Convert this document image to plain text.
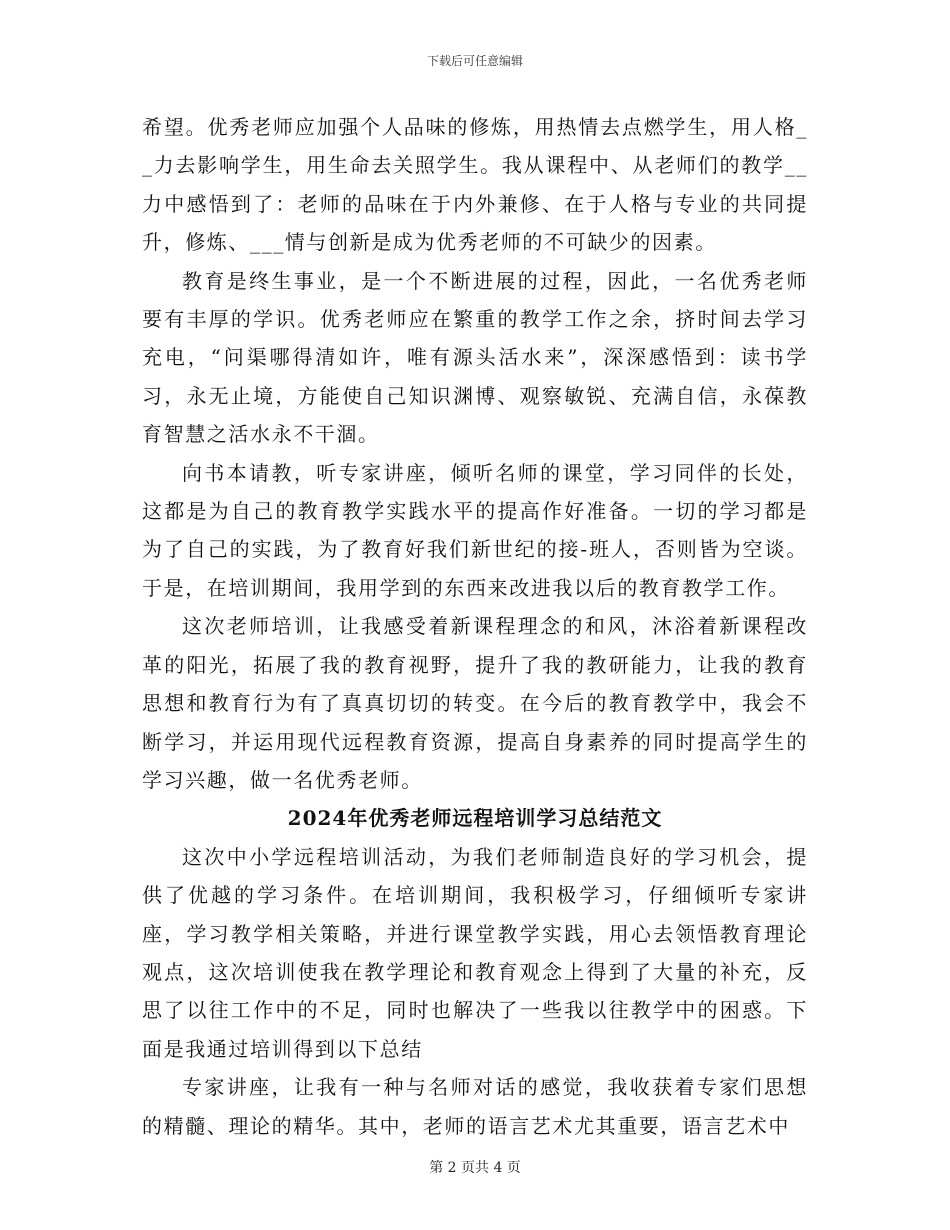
下载后可任意编辑

希望。优秀老师应加强个人品味的修炼，用热情去点燃学生，用人格__力去影响学生，用生命去关照学生。我从课程中、从老师们的教学__力中感悟到了：老师的品味在于内外兼修、在于人格与专业的共同提升，修炼、___情与创新是成为优秀老师的不可缺少的因素。

教育是终生事业，是一个不断进展的过程，因此，一名优秀老师要有丰厚的学识。优秀老师应在繁重的教学工作之余，挤时间去学习充电，“问渠哪得清如许，唯有源头活水来”，深深感悟到：读书学习，永无止境，方能使自己知识渊博、观察敏锐、充满自信，永葆教育智慧之活水永不干涸。

向书本请教，听专家讲座，倾听名师的课堂，学习同伴的长处，这都是为自己的教育教学实践水平的提高作好准备。一切的学习都是为了自己的实践，为了教育好我们新世纪的接-班人，否则皆为空谈。于是，在培训期间，我用学到的东西来改进我以后的教育教学工作。

这次老师培训，让我感受着新课程理念的和风，沐浴着新课程改革的阳光，拓展了我的教育视野，提升了我的教研能力，让我的教育思想和教育行为有了真真切切的转变。在今后的教育教学中，我会不断学习，并运用现代远程教育资源，提高自身素养的同时提高学生的学习兴趣，做一名优秀老师。

2024年优秀老师远程培训学习总结范文

这次中小学远程培训活动，为我们老师制造良好的学习机会，提供了优越的学习条件。在培训期间，我积极学习，仔细倾听专家讲座，学习教学相关策略，并进行课堂教学实践，用心去领悟教育理论观点，这次培训使我在教学理论和教育观念上得到了大量的补充，反思了以往工作中的不足，同时也解决了一些我以往教学中的困惑。下面是我通过培训得到以下总结

专家讲座，让我有一种与名师对话的感觉，我收获着专家们思想的精髓、理论的精华。其中，老师的语言艺术尤其重要，语言艺术中

第 2 页共 4 页
